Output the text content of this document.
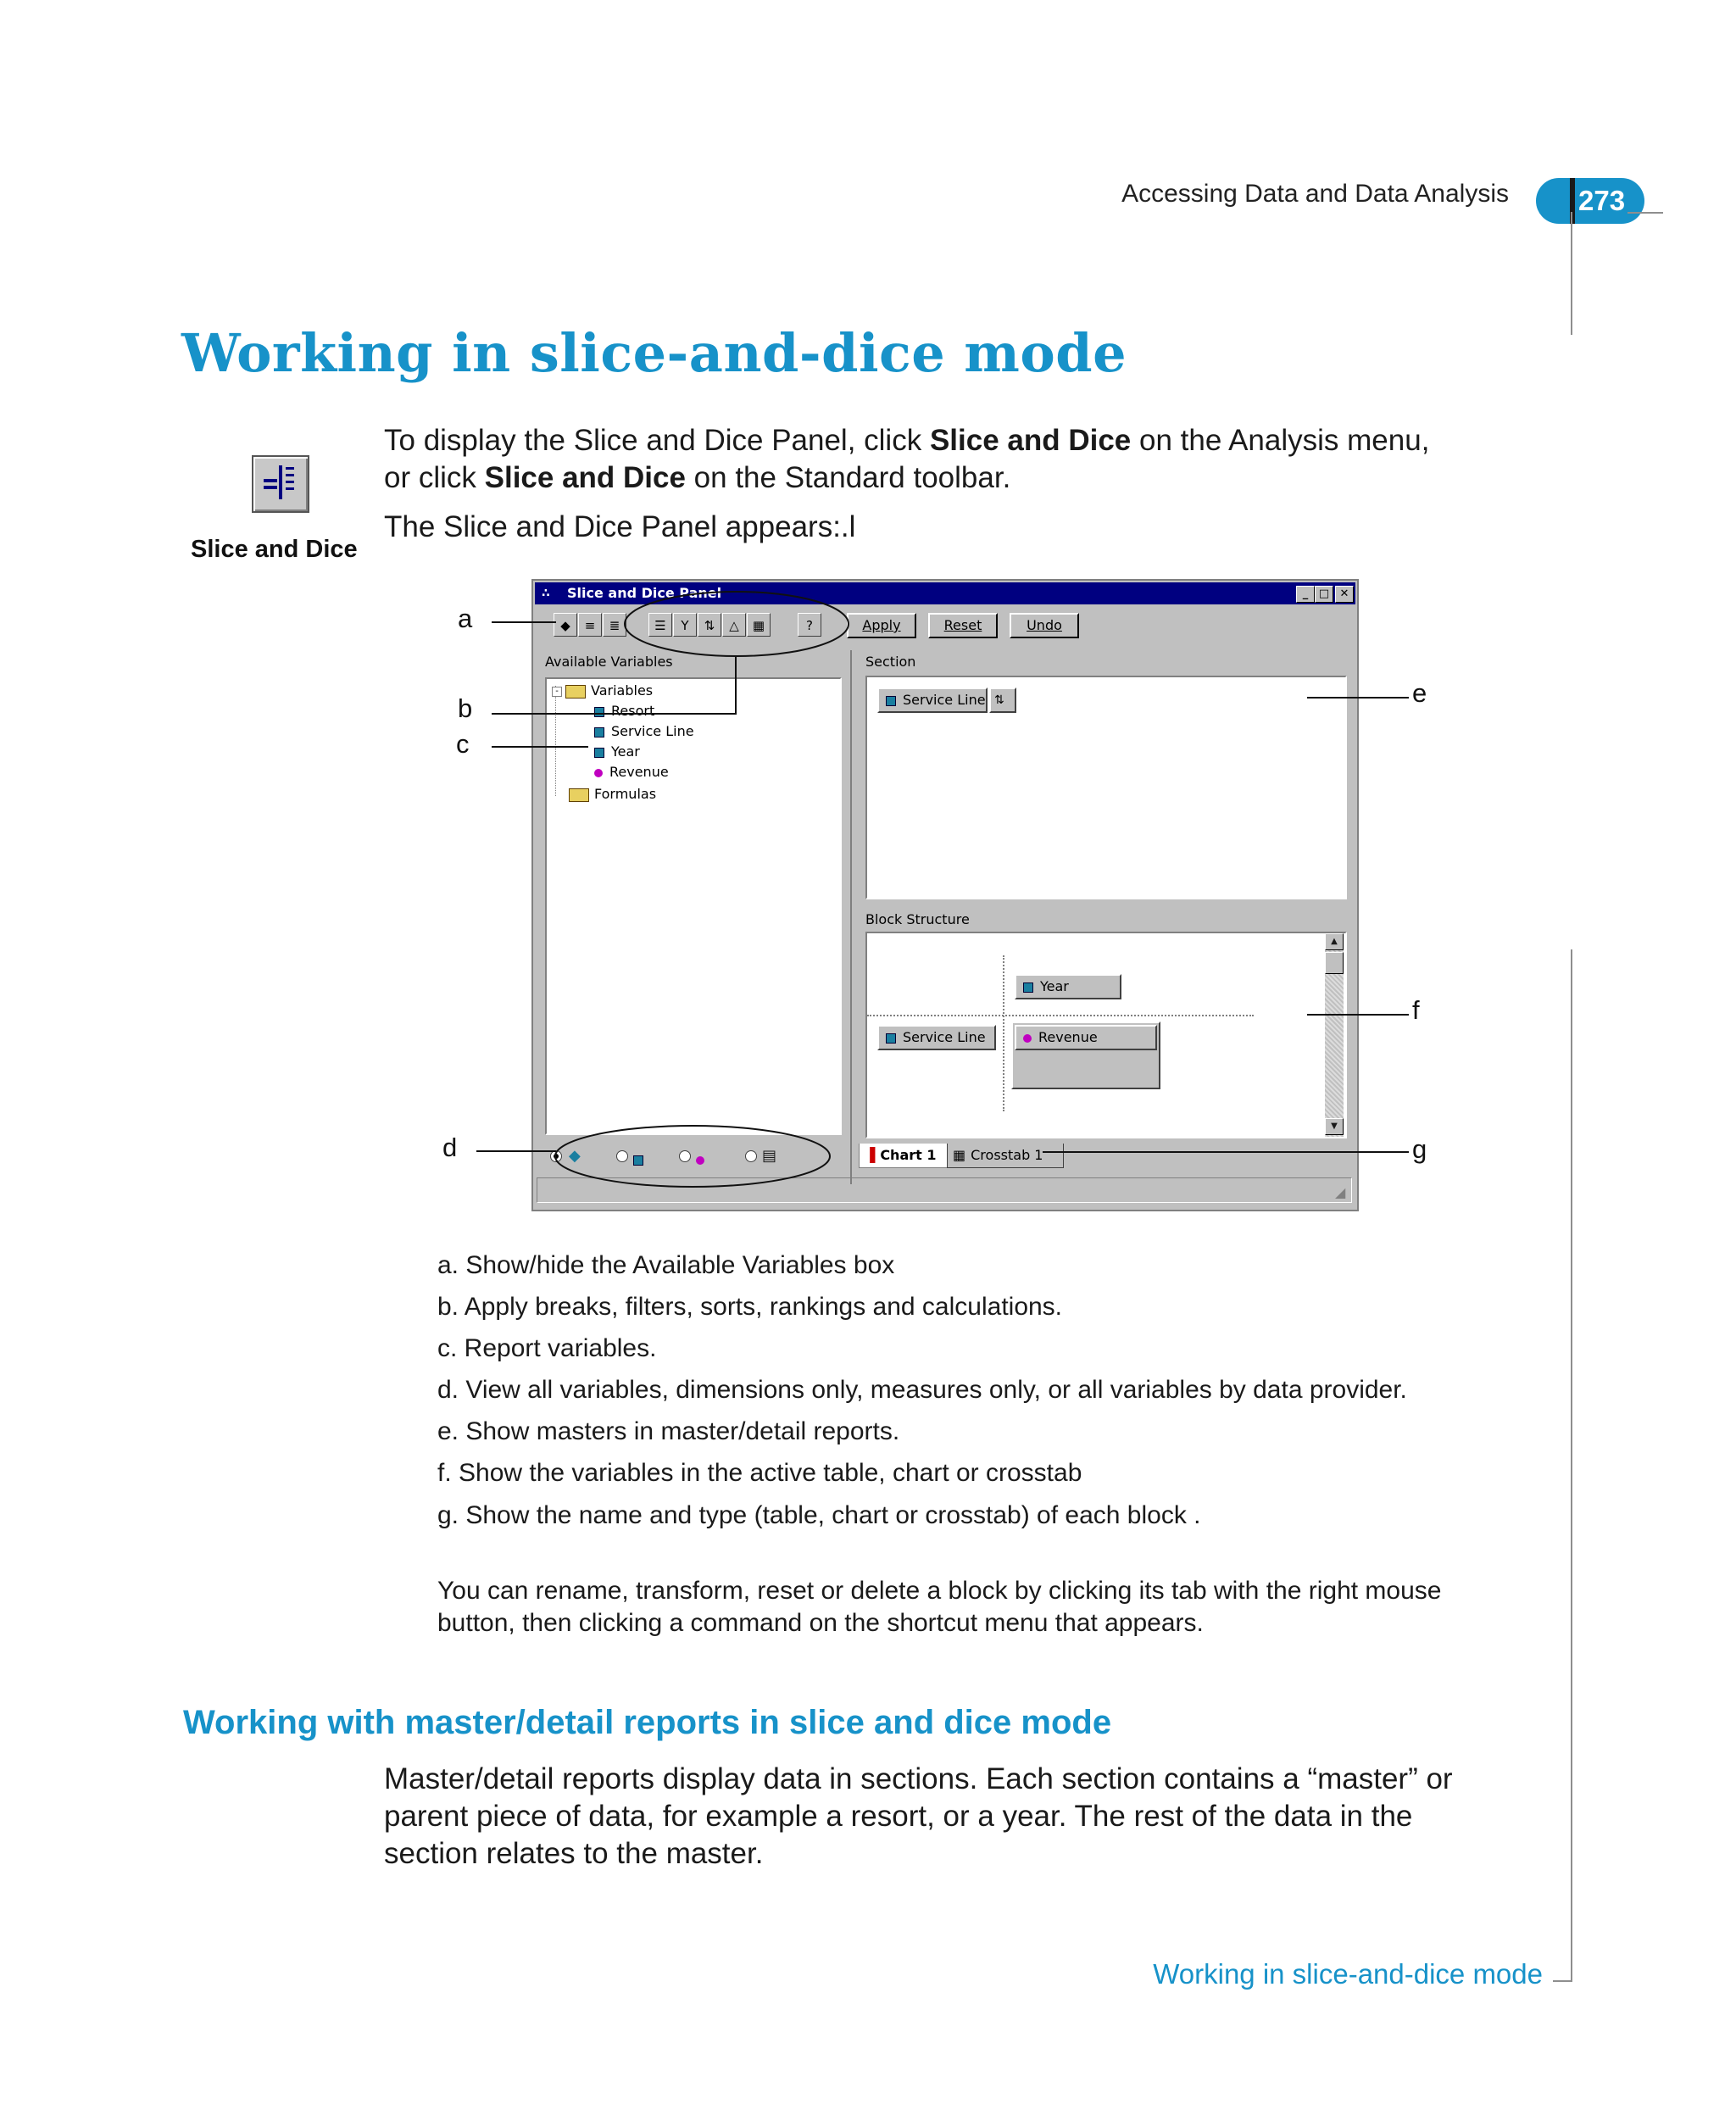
Accessing Data and Data Analysis 273
Working in slice-and-dice mode
To display the Slice and Dice Panel, click Slice and Dice on the Analysis menu,
or click Slice and Dice on the Standard toolbar.
The Slice and Dice Panel appears:.l
Slice and Dice
∴ Slice and Dice Panel	_ □ ✕
◆	≡	≣	☰	Y	⇅	△	▦	?	Apply	Reset	Undo
Available Variables
- Variables
Resort
Service Line
Year
Revenue
Formulas
◆	▤
Section
Service Line ⇅
Block Structure
Year
Service Line	Revenue
▲
▼
▐ Chart 1	▦ Crosstab 1
◢
a
b
c
d
e
f
g
a. Show/hide the Available Variables box
b. Apply breaks, filters, sorts, rankings and calculations.
c. Report variables.
d. View all variables, dimensions only, measures only, or all variables by data provider.
e. Show masters in master/detail reports.
f. Show the variables in the active table, chart or crosstab
g. Show the name and type (table, chart or crosstab) of each block .
You can rename, transform, reset or delete a block by clicking its tab with the right mouse button, then clicking a command on the shortcut menu that appears.
Working with master/detail reports in slice and dice mode
Master/detail reports display data in sections. Each section contains a “master” or parent piece of data, for example a resort, or a year. The rest of the data in the section relates to the master.
Working in slice-and-dice mode
